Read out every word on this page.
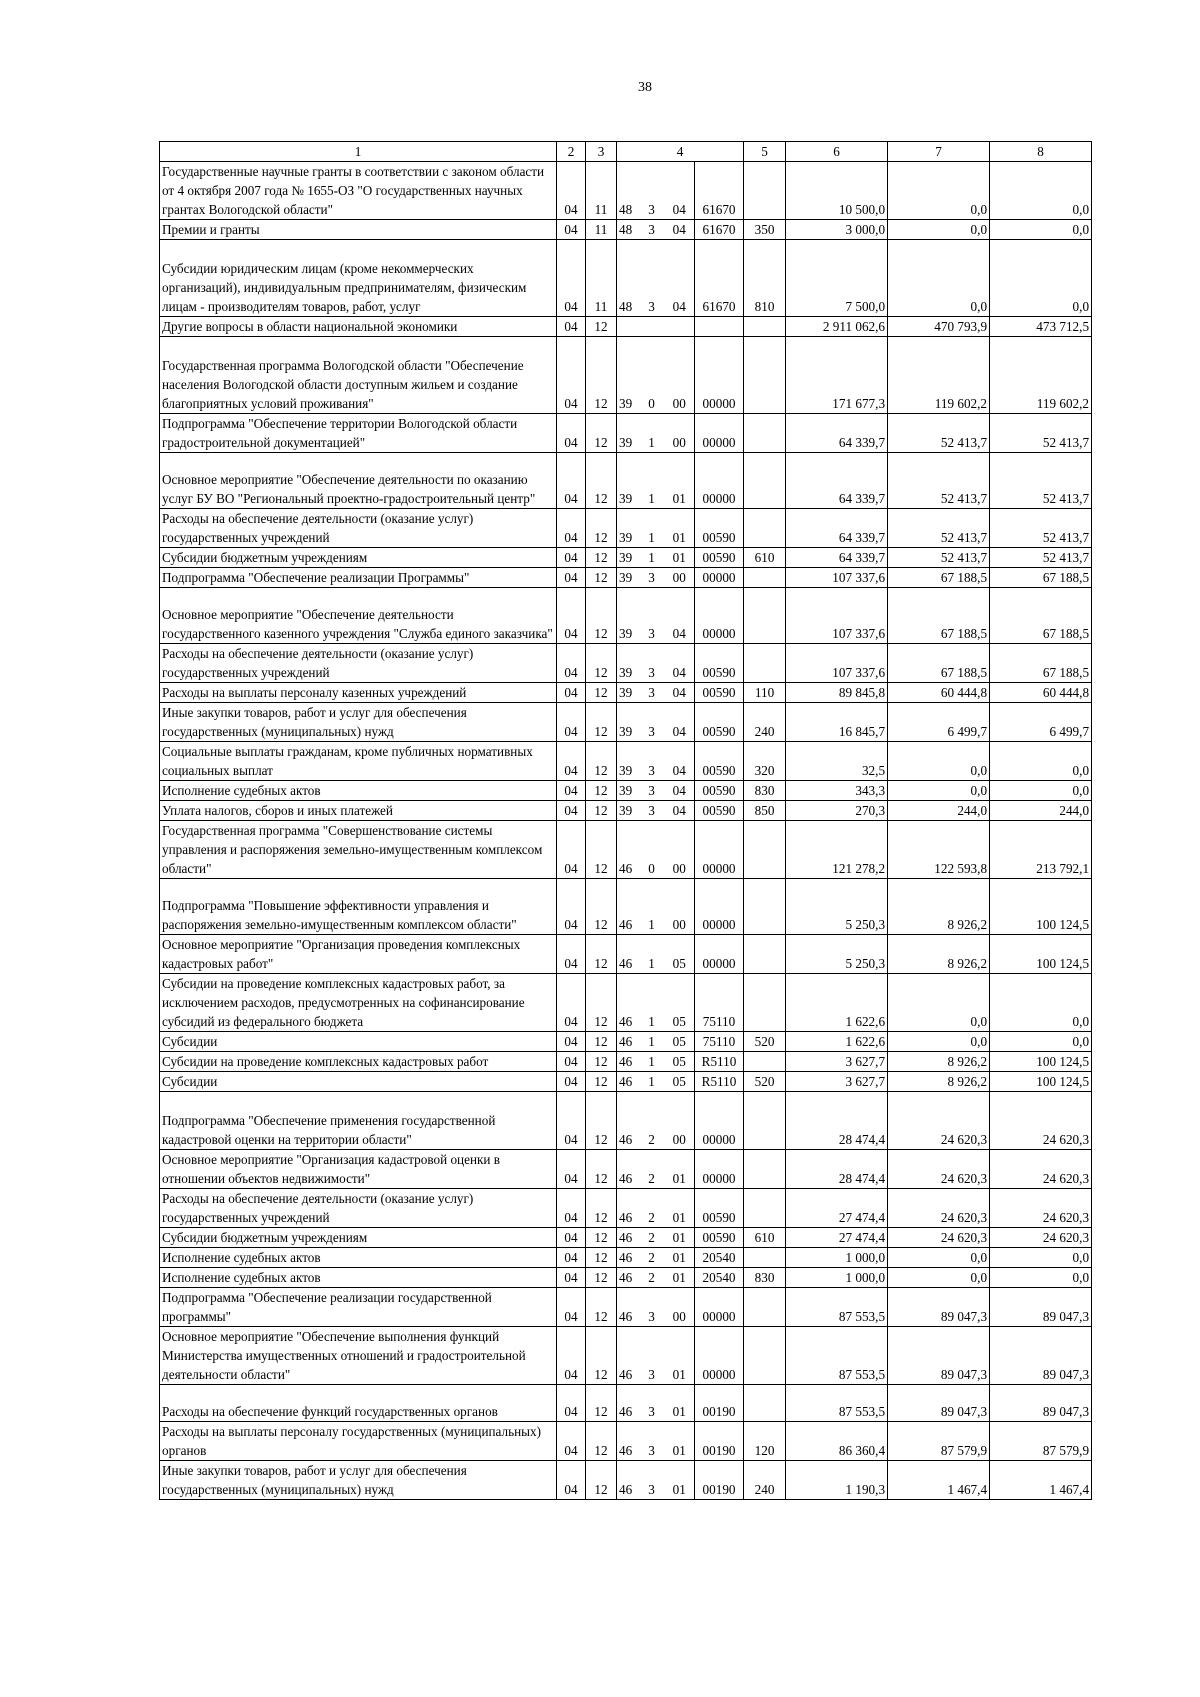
38
1	2	3	4				5	6	7	8
Государственные научные гранты в соответствии с законом области от 4 октября 2007 года № 1655-ОЗ "О государственных научных грантах Вологодской области"	04	11	48	3	04	61670		10 500,0	0,0	0,0
Премии и гранты	04	11	48	3	04	61670	350	3 000,0	0,0	0,0
Субсидии юридическим лицам (кроме некоммерческих организаций), индивидуальным предпринимателям, физическим лицам - производителям товаров, работ, услуг	04	11	48	3	04	61670	810	7 500,0	0,0	0,0
Другие вопросы в области национальной экономики	04	12						2 911 062,6	470 793,9	473 712,5
Государственная программа Вологодской области "Обеспечение населения Вологодской области доступным жильем и создание благоприятных условий проживания"	04	12	39	0	00	00000		171 677,3	119 602,2	119 602,2
Подпрограмма "Обеспечение территории Вологодской области градостроительной документацией"	04	12	39	1	00	00000		64 339,7	52 413,7	52 413,7
Основное мероприятие "Обеспечение деятельности по оказанию услуг БУ ВО "Региональный проектно-градостроительный центр"	04	12	39	1	01	00000		64 339,7	52 413,7	52 413,7
Расходы на обеспечение деятельности (оказание услуг) государственных учреждений	04	12	39	1	01	00590		64 339,7	52 413,7	52 413,7
Субсидии бюджетным учреждениям	04	12	39	1	01	00590	610	64 339,7	52 413,7	52 413,7
Подпрограмма "Обеспечение реализации Программы"	04	12	39	3	00	00000		107 337,6	67 188,5	67 188,5
Основное мероприятие "Обеспечение деятельности государственного казенного учреждения "Служба единого заказчика"	04	12	39	3	04	00000		107 337,6	67 188,5	67 188,5
Расходы на обеспечение деятельности (оказание услуг) государственных учреждений	04	12	39	3	04	00590		107 337,6	67 188,5	67 188,5
Расходы на выплаты персоналу казенных учреждений	04	12	39	3	04	00590	110	89 845,8	60 444,8	60 444,8
Иные закупки товаров, работ и услуг для обеспечения государственных (муниципальных) нужд	04	12	39	3	04	00590	240	16 845,7	6 499,7	6 499,7
Социальные выплаты гражданам, кроме публичных нормативных социальных выплат	04	12	39	3	04	00590	320	32,5	0,0	0,0
Исполнение судебных актов	04	12	39	3	04	00590	830	343,3	0,0	0,0
Уплата налогов, сборов и иных платежей	04	12	39	3	04	00590	850	270,3	244,0	244,0
Государственная программа "Совершенствование системы управления и распоряжения земельно-имущественным комплексом области"	04	12	46	0	00	00000		121 278,2	122 593,8	213 792,1
Подпрограмма "Повышение эффективности управления и распоряжения земельно-имущественным комплексом области"	04	12	46	1	00	00000		5 250,3	8 926,2	100 124,5
Основное мероприятие "Организация проведения комплексных кадастровых работ"	04	12	46	1	05	00000		5 250,3	8 926,2	100 124,5
Субсидии на проведение комплексных кадастровых работ, за исключением расходов, предусмотренных на софинансирование субсидий из федерального бюджета	04	12	46	1	05	75110		1 622,6	0,0	0,0
Субсидии	04	12	46	1	05	75110	520	1 622,6	0,0	0,0
Субсидии на проведение комплексных кадастровых работ	04	12	46	1	05	R5110		3 627,7	8 926,2	100 124,5
Субсидии	04	12	46	1	05	R5110	520	3 627,7	8 926,2	100 124,5
Подпрограмма "Обеспечение применения государственной кадастровой оценки на территории области"	04	12	46	2	00	00000		28 474,4	24 620,3	24 620,3
Основное мероприятие "Организация кадастровой оценки в отношении объектов недвижимости"	04	12	46	2	01	00000		28 474,4	24 620,3	24 620,3
Расходы на обеспечение деятельности (оказание услуг) государственных учреждений	04	12	46	2	01	00590		27 474,4	24 620,3	24 620,3
Субсидии бюджетным учреждениям	04	12	46	2	01	00590	610	27 474,4	24 620,3	24 620,3
Исполнение судебных актов	04	12	46	2	01	20540		1 000,0	0,0	0,0
Исполнение судебных актов	04	12	46	2	01	20540	830	1 000,0	0,0	0,0
Подпрограмма "Обеспечение реализации государственной программы"	04	12	46	3	00	00000		87 553,5	89 047,3	89 047,3
Основное мероприятие "Обеспечение выполнения функций Министерства имущественных отношений и градостроительной деятельности области"	04	12	46	3	01	00000		87 553,5	89 047,3	89 047,3
Расходы на обеспечение функций государственных органов	04	12	46	3	01	00190		87 553,5	89 047,3	89 047,3
Расходы на выплаты персоналу государственных (муниципальных) органов	04	12	46	3	01	00190	120	86 360,4	87 579,9	87 579,9
Иные закупки товаров, работ и услуг для обеспечения государственных (муниципальных) нужд	04	12	46	3	01	00190	240	1 190,3	1 467,4	1 467,4
